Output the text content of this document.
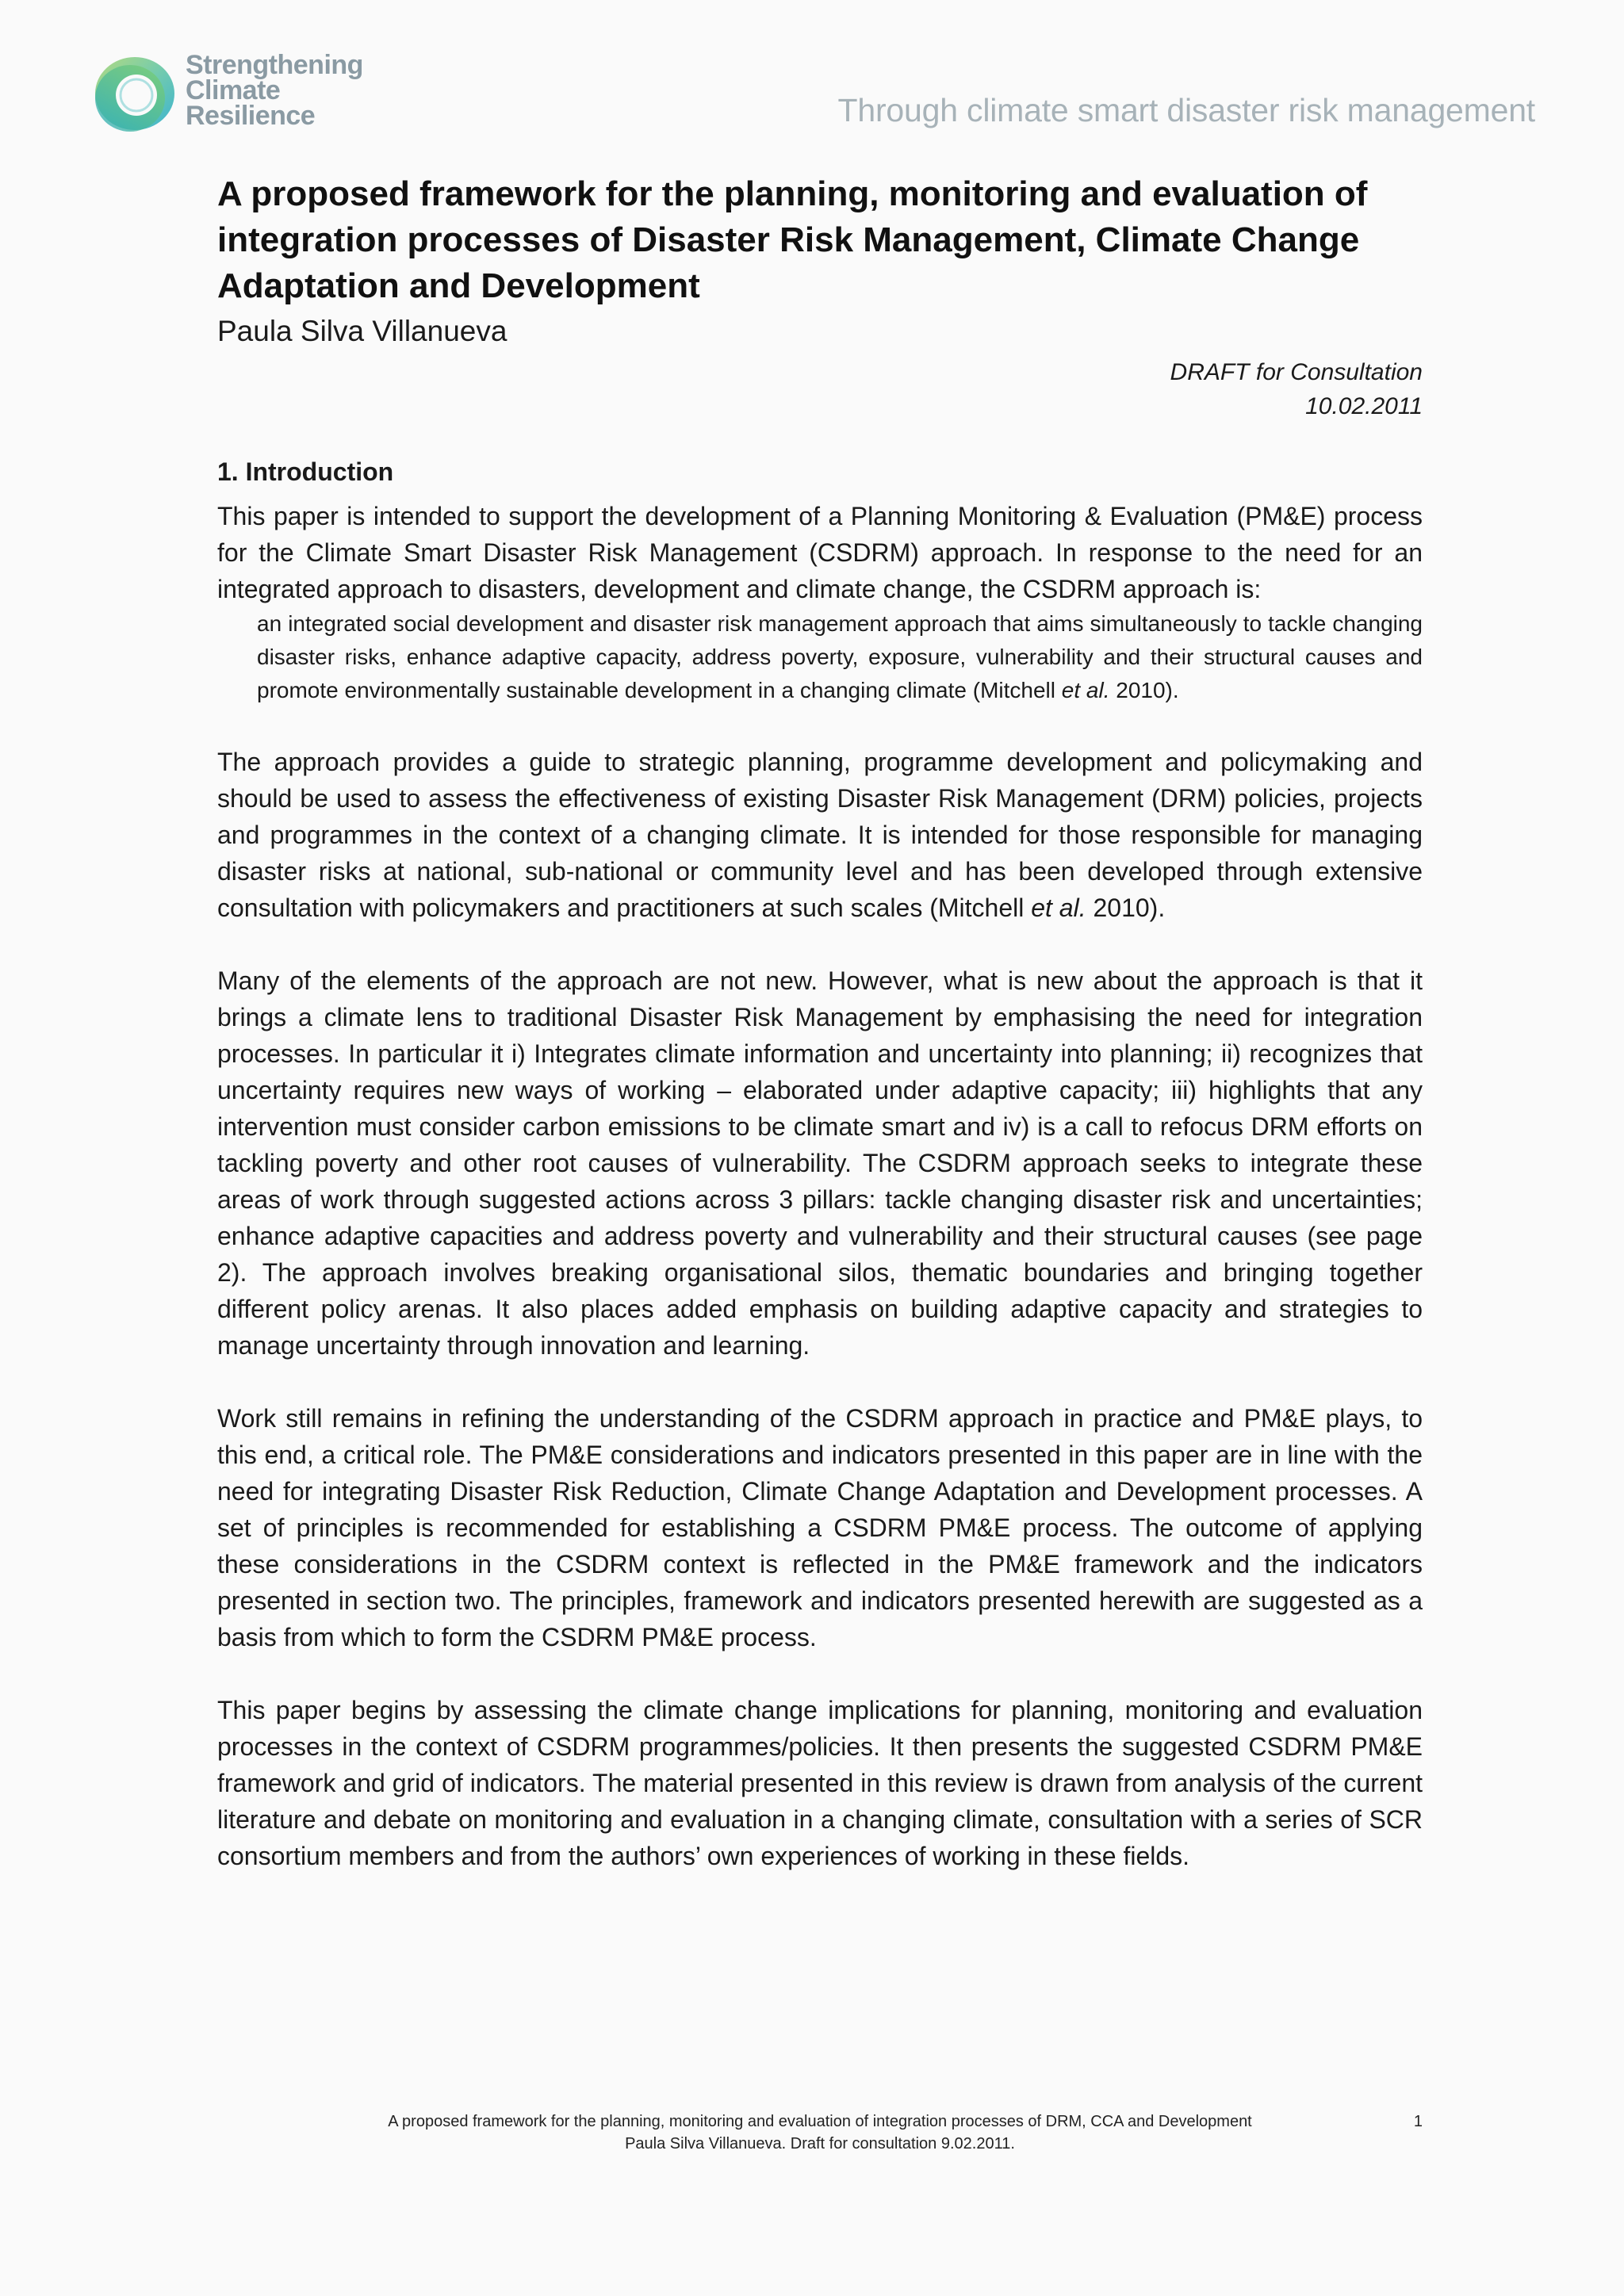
Strengthening
Climate
Resilience	Through climate smart disaster risk management
A proposed framework for the planning, monitoring and evaluation of integration processes of Disaster Risk Management, Climate Change Adaptation and Development
Paula Silva Villanueva
DRAFT for Consultation
10.02.2011
1. Introduction

This paper is intended to support the development of a Planning Monitoring & Evaluation (PM&E) process for the Climate Smart Disaster Risk Management (CSDRM) approach. In response to the need for an integrated approach to disasters, development and climate change, the CSDRM approach is:

an integrated social development and disaster risk management approach that aims simultaneously to tackle changing disaster risks, enhance adaptive capacity, address poverty, exposure, vulnerability and their structural causes and promote environmentally sustainable development in a changing climate (Mitchell et al. 2010).

The approach provides a guide to strategic planning, programme development and policymaking and should be used to assess the effectiveness of existing Disaster Risk Management (DRM) policies, projects and programmes in the context of a changing climate. It is intended for those responsible for managing disaster risks at national, sub-national or community level and has been developed through extensive consultation with policymakers and practitioners at such scales (Mitchell et al. 2010).

Many of the elements of the approach are not new. However, what is new about the approach is that it brings a climate lens to traditional Disaster Risk Management by emphasising the need for integration processes. In particular it i) Integrates climate information and uncertainty into planning; ii) recognizes that uncertainty requires new ways of working – elaborated under adaptive capacity; iii) highlights that any intervention must consider carbon emissions to be climate smart and iv) is a call to refocus DRM efforts on tackling poverty and other root causes of vulnerability. The CSDRM approach seeks to integrate these areas of work through suggested actions across 3 pillars: tackle changing disaster risk and uncertainties; enhance adaptive capacities and address poverty and vulnerability and their structural causes (see page 2). The approach involves breaking organisational silos, thematic boundaries and bringing together different policy arenas. It also places added emphasis on building adaptive capacity and strategies to manage uncertainty through innovation and learning.

Work still remains in refining the understanding of the CSDRM approach in practice and PM&E plays, to this end, a critical role. The PM&E considerations and indicators presented in this paper are in line with the need for integrating Disaster Risk Reduction, Climate Change Adaptation and Development processes. A set of principles is recommended for establishing a CSDRM PM&E process. The outcome of applying these considerations in the CSDRM context is reflected in the PM&E framework and the indicators presented in section two. The principles, framework and indicators presented herewith are suggested as a basis from which to form the CSDRM PM&E process.

This paper begins by assessing the climate change implications for planning, monitoring and evaluation processes in the context of CSDRM programmes/policies. It then presents the suggested CSDRM PM&E framework and grid of indicators. The material presented in this review is drawn from analysis of the current literature and debate on monitoring and evaluation in a changing climate, consultation with a series of SCR consortium members and from the authors’ own experiences of working in these fields.

A proposed framework for the planning, monitoring and evaluation of integration processes of DRM, CCA and Development
Paula Silva Villanueva. Draft for consultation 9.02.2011.
1
